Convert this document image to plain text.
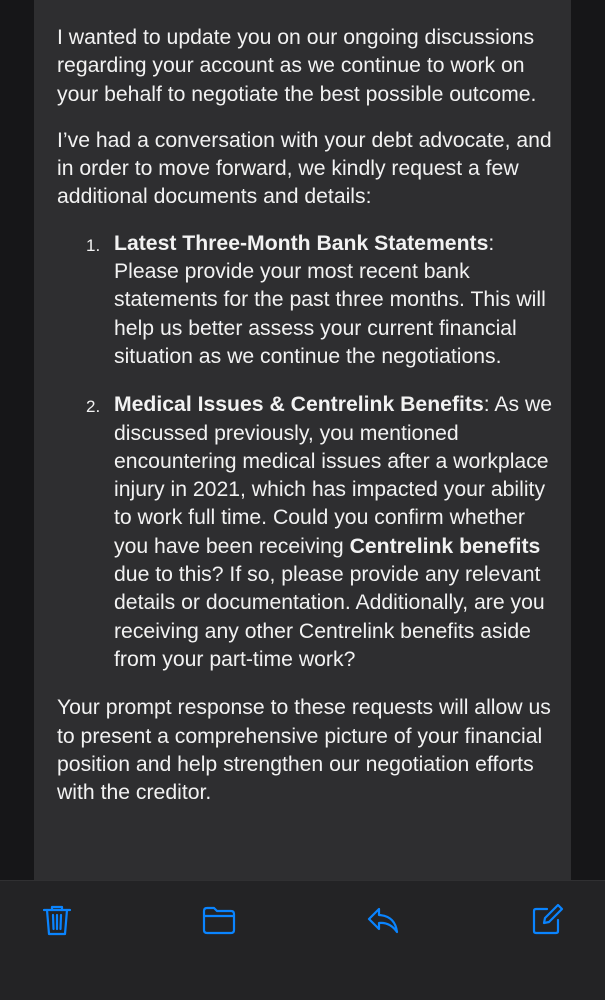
I wanted to update you on our ongoing discussions regarding your account as we continue to work on your behalf to negotiate the best possible outcome.

I’ve had a conversation with your debt advocate, and in order to move forward, we kindly request a few additional documents and details:

1. Latest Three-Month Bank Statements: Please provide your most recent bank statements for the past three months. This will help us better assess your current financial situation as we continue the negotiations.
2. Medical Issues & Centrelink Benefits: As we discussed previously, you mentioned encountering medical issues after a workplace injury in 2021, which has impacted your ability to work full time. Could you confirm whether you have been receiving Centrelink benefits due to this? If so, please provide any relevant details or documentation. Additionally, are you receiving any other Centrelink benefits aside from your part-time work?

Your prompt response to these requests will allow us to present a comprehensive picture of your financial position and help strengthen our negotiation efforts with the creditor.
